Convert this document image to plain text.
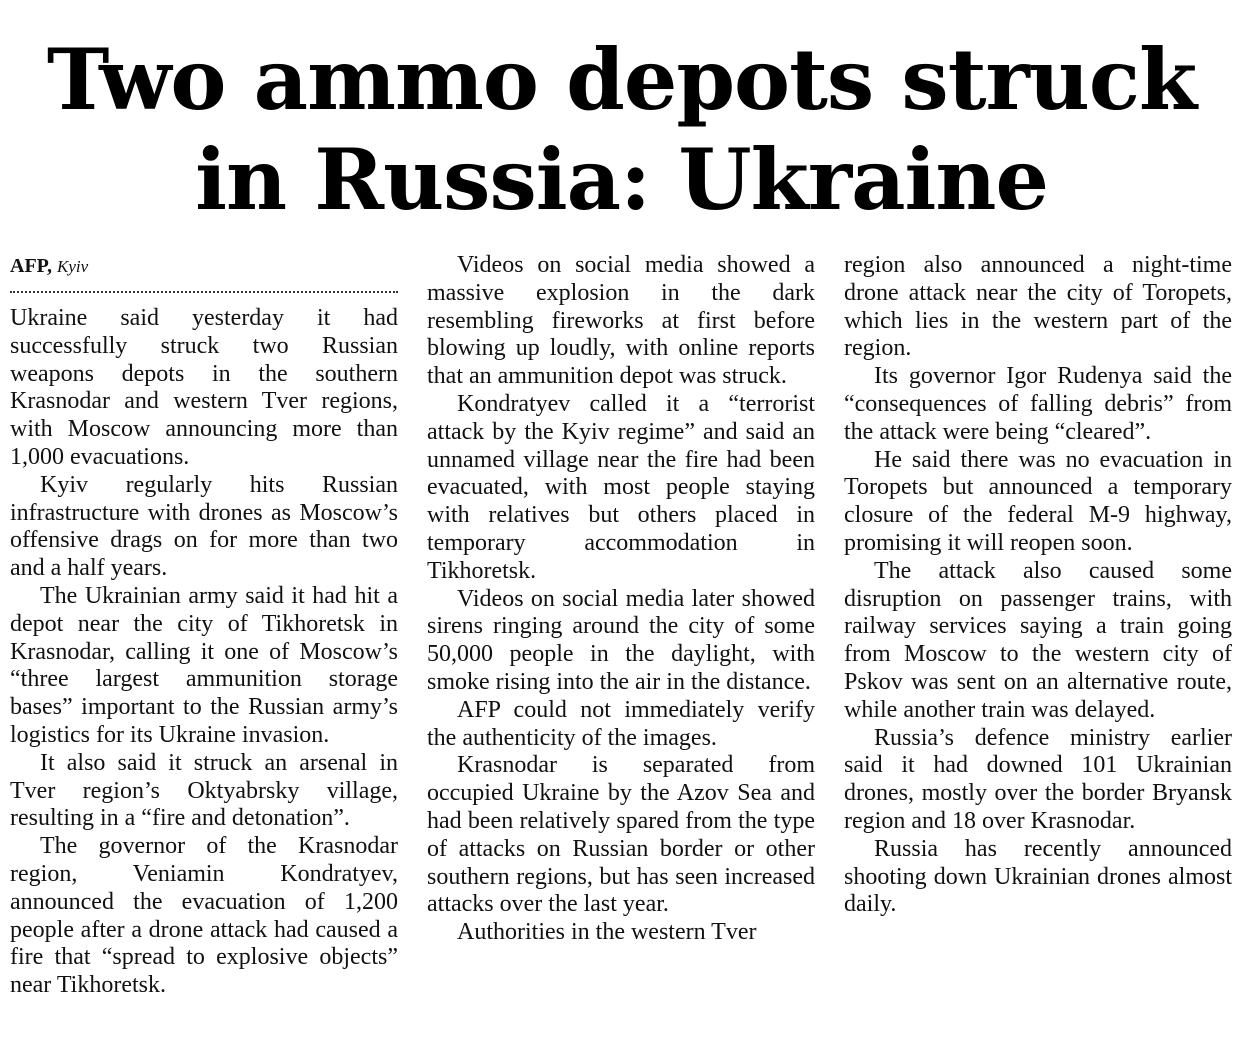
Two ammo depots struck
in Russia: Ukraine

AFP, Kyiv

Ukraine said yesterday it had successfully struck two Russian weapons depots in the southern Krasnodar and western Tver regions, with Moscow announcing more than 1,000 evacuations.

Kyiv regularly hits Russian infrastructure with drones as Moscow’s offensive drags on for more than two and a half years.

The Ukrainian army said it had hit a depot near the city of Tikhoretsk in Krasnodar, calling it one of Moscow’s “three largest ammunition storage bases” important to the Russian army’s logistics for its Ukraine invasion.

It also said it struck an arsenal in Tver region’s Oktyabrsky village, resulting in a “fire and detonation”.

The governor of the Krasnodar region, Veniamin Kondratyev, announced the evacuation of 1,200 people after a drone attack had caused a fire that “spread to explosive objects” near Tikhoretsk.

Videos on social media showed a massive explosion in the dark resembling fireworks at first before blowing up loudly, with online reports that an ammunition depot was struck.

Kondratyev called it a “terrorist attack by the Kyiv regime” and said an unnamed village near the fire had been evacuated, with most people staying with relatives but others placed in temporary accommodation in Tikhoretsk.

Videos on social media later showed sirens ringing around the city of some 50,000 people in the daylight, with smoke rising into the air in the distance.

AFP could not immediately verify the authenticity of the images.

Krasnodar is separated from occupied Ukraine by the Azov Sea and had been relatively spared from the type of attacks on Russian border or other southern regions, but has seen increased attacks over the last year.

Authorities in the western Tver

region also announced a night-time drone attack near the city of Toropets, which lies in the western part of the region.

Its governor Igor Rudenya said the “consequences of falling debris” from the attack were being “cleared”.

He said there was no evacuation in Toropets but announced a temporary closure of the federal M-9 highway, promising it will reopen soon.

The attack also caused some disruption on passenger trains, with railway services saying a train going from Moscow to the western city of Pskov was sent on an alternative route, while another train was delayed.

Russia’s defence ministry earlier said it had downed 101 Ukrainian drones, mostly over the border Bryansk region and 18 over Krasnodar.

Russia has recently announced shooting down Ukrainian drones almost daily.
